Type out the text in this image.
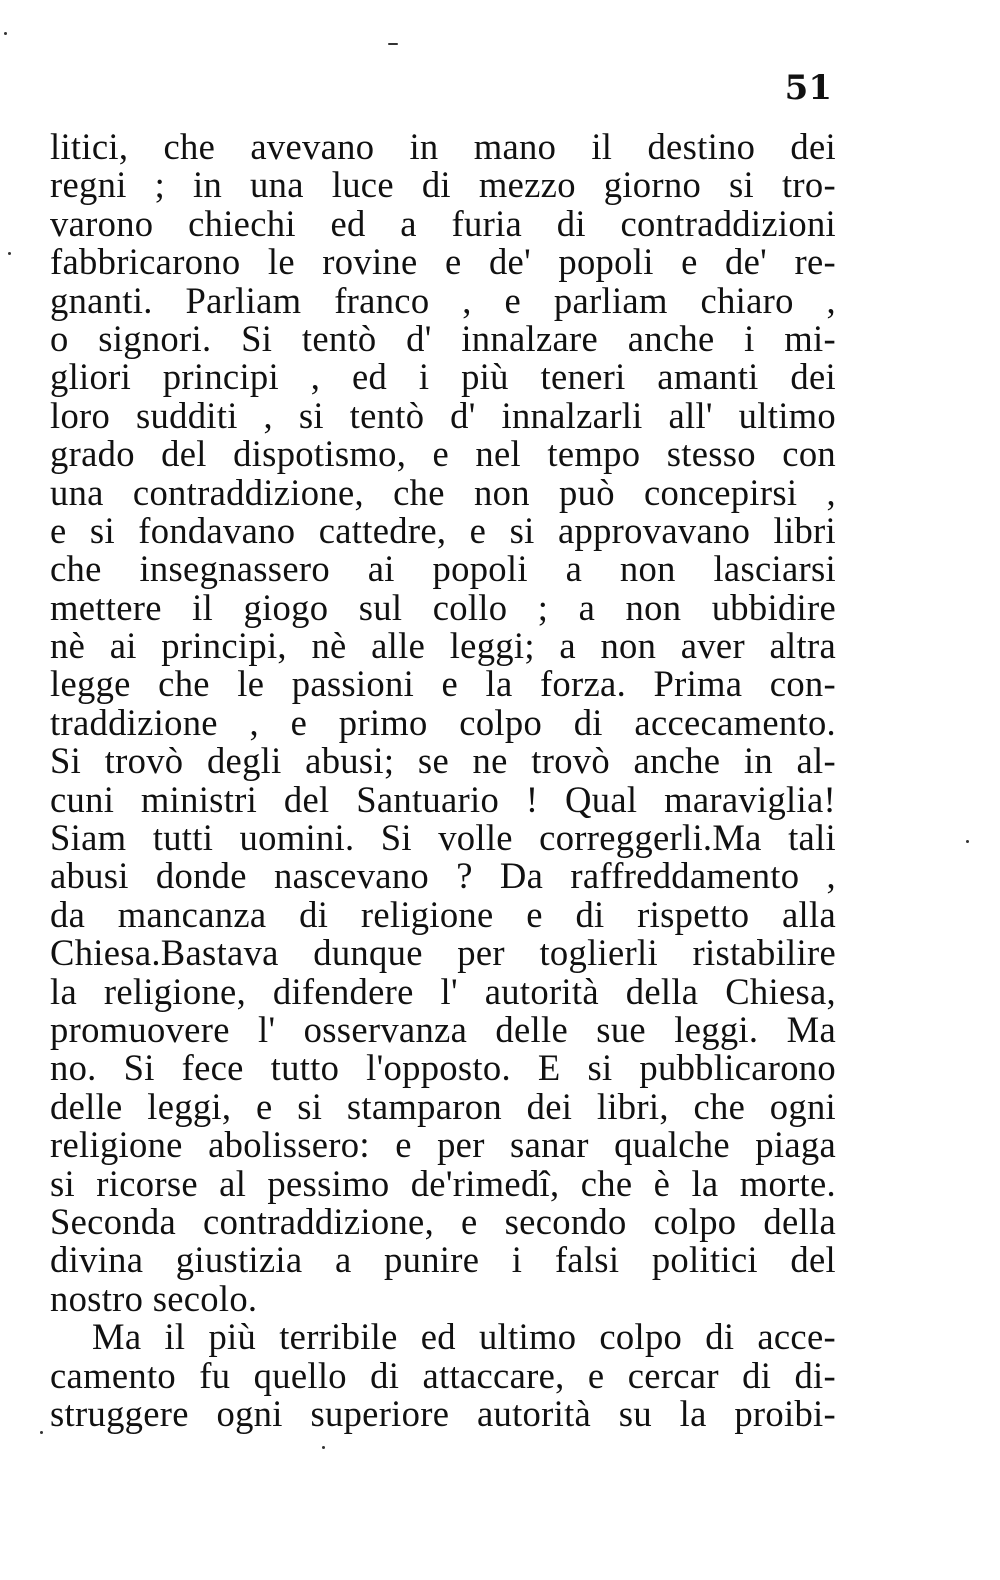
51
litici, che avevano in mano il destino dei
regni ; in una luce di mezzo giorno si tro-
varono chiechi ed a furia di contraddizioni
fabbricarono le rovine e de' popoli e de' re-
gnanti. Parliam franco , e parliam chiaro ,
o signori. Si tentò d' innalzare anche i mi-
gliori principi , ed i più teneri amanti dei
loro sudditi , si tentò d' innalzarli all' ultimo
grado del dispotismo, e nel tempo stesso con
una contraddizione, che non può concepirsi ,
e si fondavano cattedre, e si approvavano libri
che insegnassero ai popoli a non lasciarsi
mettere il giogo sul collo ; a non ubbidire
nè ai principi, nè alle leggi; a non aver altra
legge che le passioni e la forza. Prima con-
traddizione , e primo colpo di accecamento.
Si trovò degli abusi; se ne trovò anche in al-
cuni ministri del Santuario ! Qual maraviglia!
Siam tutti uomini. Si volle correggerli.Ma tali
abusi donde nascevano ? Da raffreddamento ,
da mancanza di religione e di rispetto alla
Chiesa.Bastava dunque per toglierli ristabilire
la religione, difendere l' autorità della Chiesa,
promuovere l' osservanza delle sue leggi. Ma
no. Si fece tutto l'opposto. E si pubblicarono
delle leggi, e si stamparon dei libri, che ogni
religione abolissero: e per sanar qualche piaga
si ricorse al pessimo de'rimedî, che è la morte.
Seconda contraddizione, e secondo colpo della
divina giustizia a punire i falsi politici del
nostro secolo.
Ma il più terribile ed ultimo colpo di acce-
camento fu quello di attaccare, e cercar di di-
struggere ogni superiore autorità su la proibi-
